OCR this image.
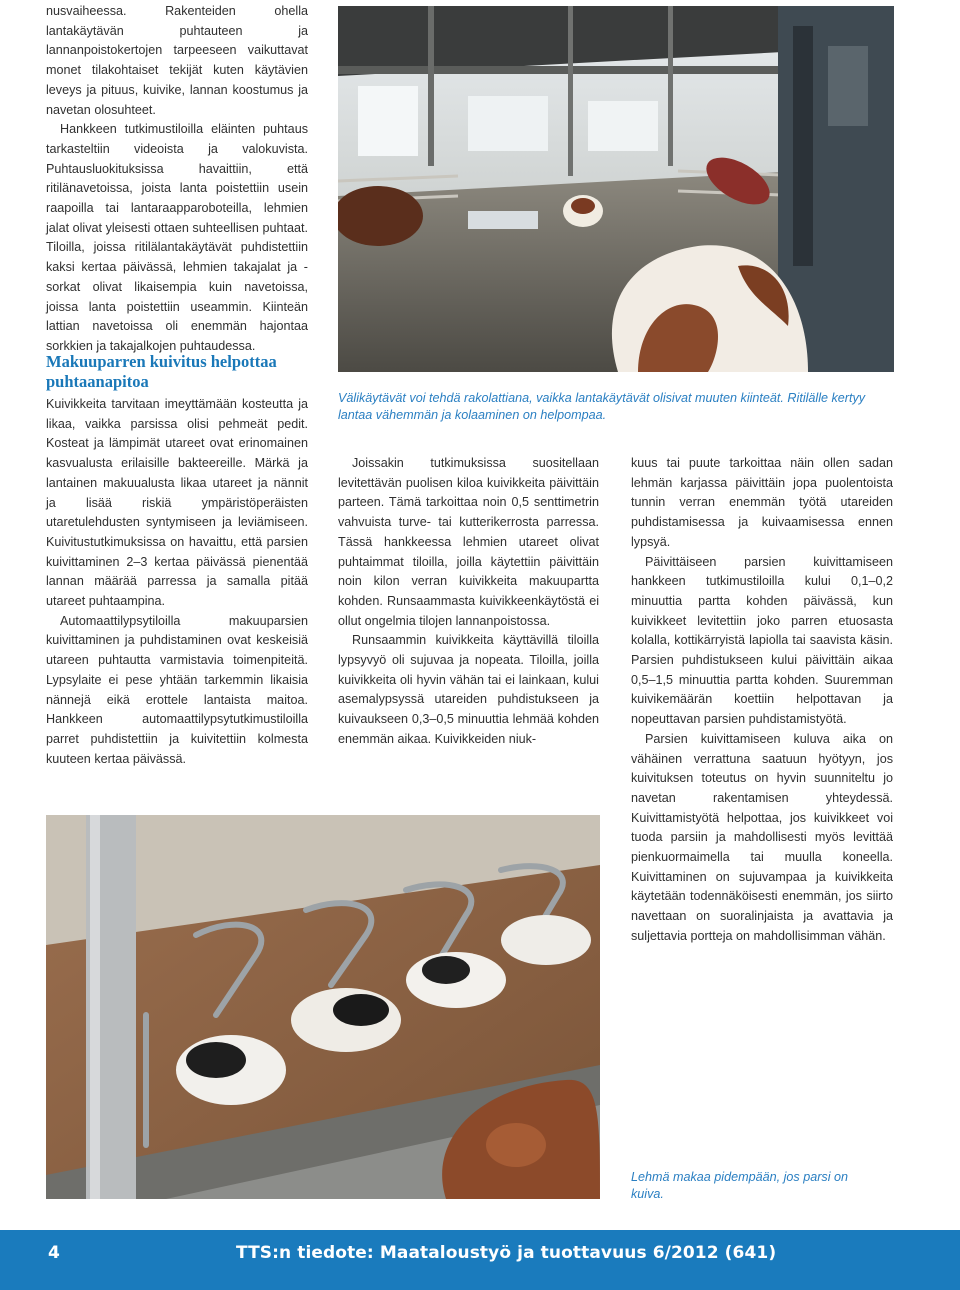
nusvaiheessa. Rakenteiden ohella lantakäytävän puhtauteen ja lannanpoistokertojen tarpeeseen vaikuttavat monet tilakohtaiset tekijät kuten käytävien leveys ja pituus, kuivike, lannan koostumus ja navetan olosuhteet.

Hankkeen tutkimustiloilla eläinten puhtaus tarkasteltiin videoista ja valokuvista. Puhtausluokituksissa havaittiin, että ritilänavetoissa, joista lanta poistettiin usein raapoilla tai lantaraapparoboteilla, lehmien jalat olivat yleisesti ottaen suhteellisen puhtaat. Tiloilla, joissa ritilälantakäytävät puhdistettiin kaksi kertaa päivässä, lehmien takajalat ja -sorkat olivat likaisempia kuin navetoissa, joissa lanta poistettiin useammin. Kiinteän lattian navetoissa oli enemmän hajontaa sorkkien ja takajalkojen puhtaudessa.

Makuuparren kuivitus helpottaa puhtaanapitoa

Kuivikkeita tarvitaan imeyttämään kosteutta ja likaa, vaikka parsissa olisi pehmeät pedit. Kosteat ja lämpimät utareet ovat erinomainen kasvualusta erilaisille bakteereille. Märkä ja lantainen makuualusta likaa utareet ja nännit ja lisää riskiä ympäristöperäisten utaretulehdusten syntymiseen ja leviämiseen. Kuivitustutkimuksissa on havaittu, että parsien kuivittaminen 2–3 kertaa päivässä pienentää lannan määrää parressa ja samalla pitää utareet puhtaampina.

Automaattilypsytiloilla makuuparsien kuivittaminen ja puhdistaminen ovat keskeisiä utareen puhtautta varmistavia toimenpiteitä. Lypsylaite ei pese yhtään tarkemmin likaisia nännejä eikä erottele lantaista maitoa. Hankkeen automaattilypsytutkimustiloilla parret puhdistettiin ja kuivitettiin kolmesta kuuteen kertaa päivässä.

Välikäytävät voi tehdä rakolattiana, vaikka lantakäytävät olisivat muuten kiinteät. Ritilälle kertyy lantaa vähemmän ja kolaaminen on helpompaa.

Joissakin tutkimuksissa suositellaan levitettävän puolisen kiloa kuivikkeita päivittäin parteen. Tämä tarkoittaa noin 0,5 senttimetrin vahvuista turve- tai kutterikerrosta parressa. Tässä hankkeessa lehmien utareet olivat puhtaimmat tiloilla, joilla käytettiin päivittäin noin kilon verran kuivikkeita makuupartta kohden. Runsaammasta kuivikkeenkäytöstä ei ollut ongelmia tilojen lannanpoistossa.

Runsaammin kuivikkeita käyttävillä tiloilla lypsyvyö oli sujuvaa ja nopeata. Tiloilla, joilla kuivikkeita oli hyvin vähän tai ei lainkaan, kului asemalypsyssä utareiden puhdistukseen ja kuivaukseen 0,3–0,5 minuuttia lehmää kohden enemmän aikaa. Kuivikkeiden niuk-

kuus tai puute tarkoittaa näin ollen sadan lehmän karjassa päivittäin jopa puolentoista tunnin verran enemmän työtä utareiden puhdistamisessa ja kuivaamisessa ennen lypsyä.

Päivittäiseen parsien kuivittamiseen hankkeen tutkimustiloilla kului 0,1–0,2 minuuttia partta kohden päivässä, kun kuivikkeet levitettiin joko parren etuosasta kolalla, kottikärryistä lapiolla tai saavista käsin. Parsien puhdistukseen kului päivittäin aikaa 0,5–1,5 minuuttia partta kohden. Suuremman kuivikemäärän koettiin helpottavan ja nopeuttavan parsien puhdistamistyötä.

Parsien kuivittamiseen kuluva aika on vähäinen verrattuna saatuun hyötyyn, jos kuivituksen toteutus on hyvin suunniteltu jo navetan rakentamisen yhteydessä. Kuivittamistyötä helpottaa, jos kuivikkeet voi tuoda parsiin ja mahdollisesti myös levittää pienkuormaimella tai muulla koneella. Kuivittaminen on sujuvampaa ja kuivikkeita käytetään todennäköisesti enemmän, jos siirto navettaan on suoralinjaista ja avattavia ja suljettavia portteja on mahdollisimman vähän.

Lehmä makaa pidempään, jos parsi on kuiva.
4	TTS:n tiedote: Maataloustyö ja tuottavuus 6/2012 (641)
